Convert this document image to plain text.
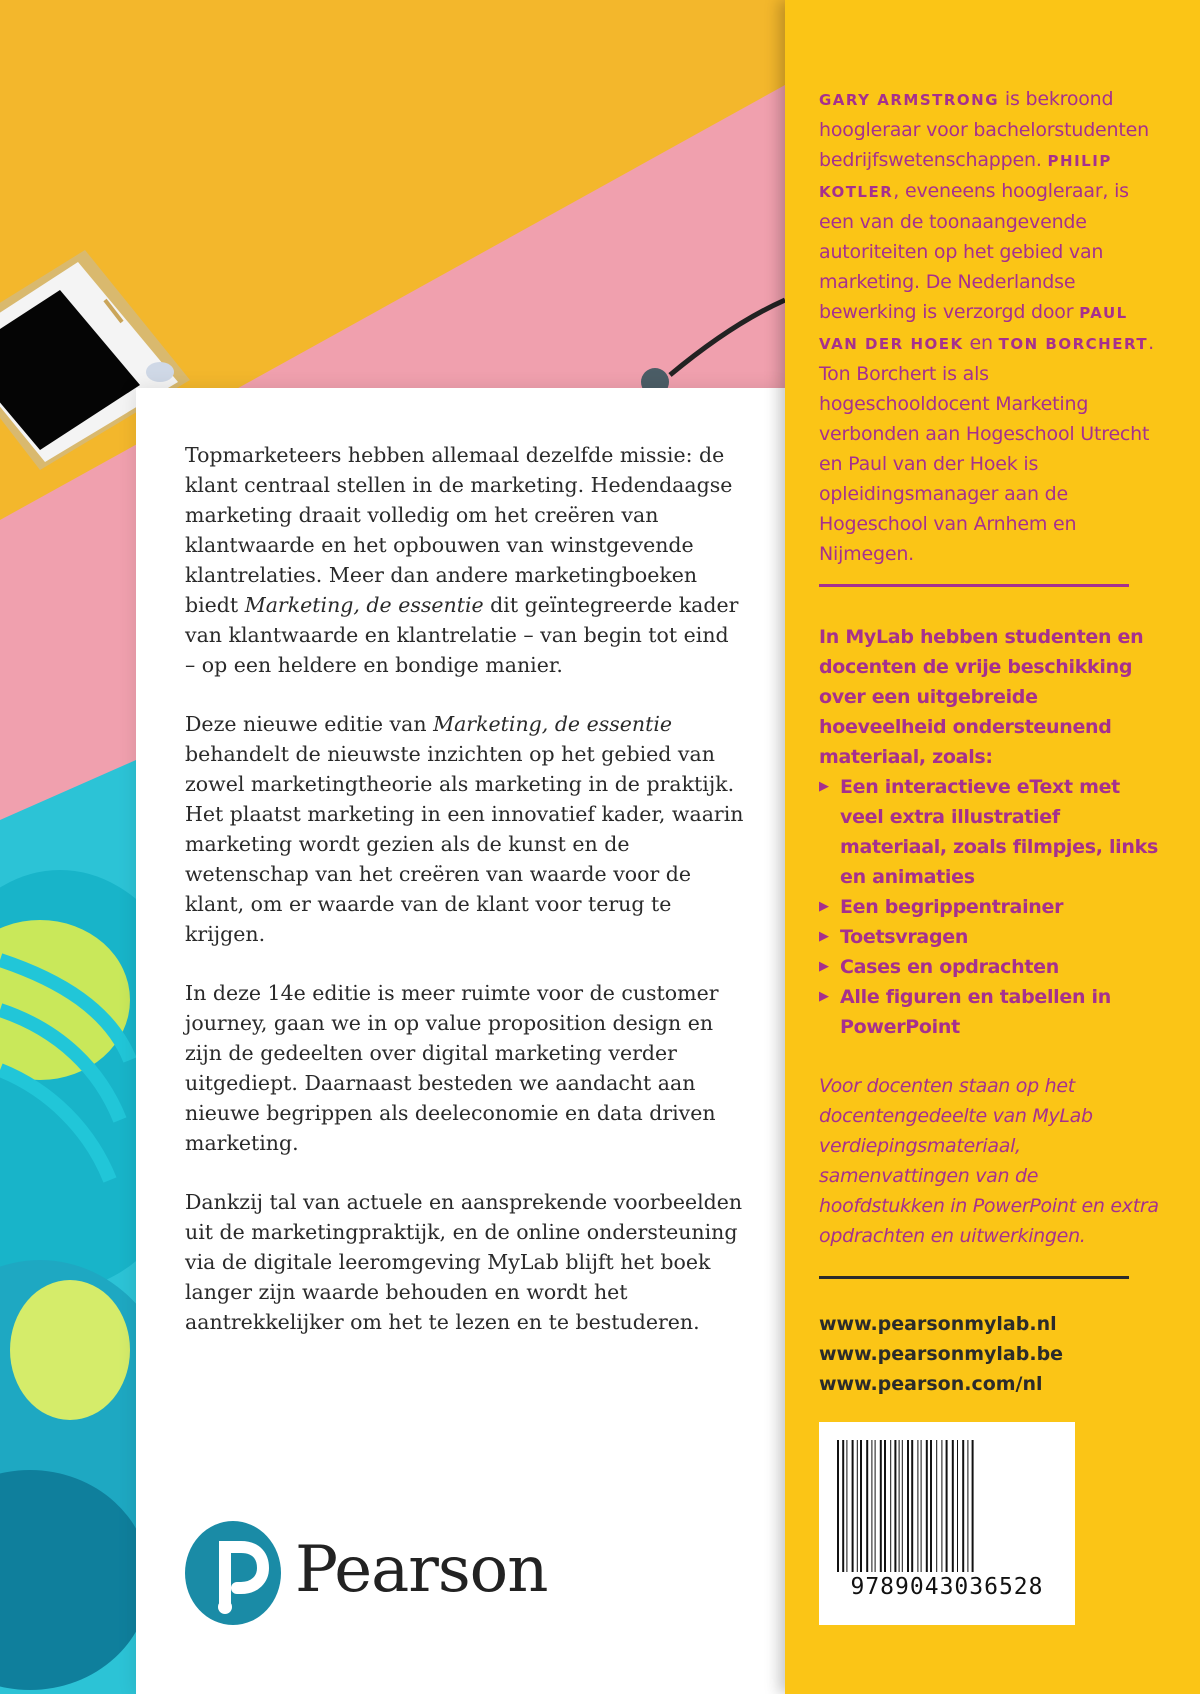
Topmarketeers hebben allemaal dezelfde missie: de klant centraal stellen in de marketing. Hedendaagse marketing draait volledig om het creëren van klantwaarde en het opbouwen van winstgevende klantrelaties. Meer dan andere marketingboeken biedt Marketing, de essentie dit geïntegreerde kader van klantwaarde en klantrelatie – van begin tot eind – op een heldere en bondige manier.

Deze nieuwe editie van Marketing, de essentie behandelt de nieuwste inzichten op het gebied van zowel marketingtheorie als marketing in de praktijk. Het plaatst marketing in een innovatief kader, waarin marketing wordt gezien als de kunst en de wetenschap van het creëren van waarde voor de klant, om er waarde van de klant voor terug te krijgen.

In deze 14e editie is meer ruimte voor de customer journey, gaan we in op value proposition design en zijn de gedeelten over digital marketing verder uitgediept. Daarnaast besteden we aandacht aan nieuwe begrippen als deeleconomie en data driven marketing.

Dankzij tal van actuele en aansprekende voorbeelden uit de marketingpraktijk, en de online ondersteuning via de digitale leeromgeving MyLab blijft het boek langer zijn waarde behouden en wordt het aantrekkelijker om het te lezen en te bestuderen.

Pearson
GARY ARMSTRONG is bekroond hoogleraar voor bachelorstudenten bedrijfswetenschappen. PHILIP KOTLER, eveneens hoogleraar, is een van de toonaangevende autoriteiten op het gebied van marketing. De Nederlandse bewerking is verzorgd door PAUL VAN DER HOEK en TON BORCHERT. Ton Borchert is als hogeschooldocent Marketing verbonden aan Hogeschool Utrecht en Paul van der Hoek is opleidingsmanager aan de Hogeschool van Arnhem en Nijmegen.
In MyLab hebben studenten en docenten de vrije beschikking over een uitgebreide hoeveelheid ondersteunend materiaal, zoals:
▶ Een interactieve eText met veel extra illustratief materiaal, zoals filmpjes, links en animaties
▶ Een begrippentrainer
▶ Toetsvragen
▶ Cases en opdrachten
▶ Alle figuren en tabellen in PowerPoint
Voor docenten staan op het docentengedeelte van MyLab verdiepingsmateriaal, samenvattingen van de hoofdstukken in PowerPoint en extra opdrachten en uitwerkingen.
www.pearsonmylab.nl
www.pearsonmylab.be
www.pearson.com/nl
9789043036528
